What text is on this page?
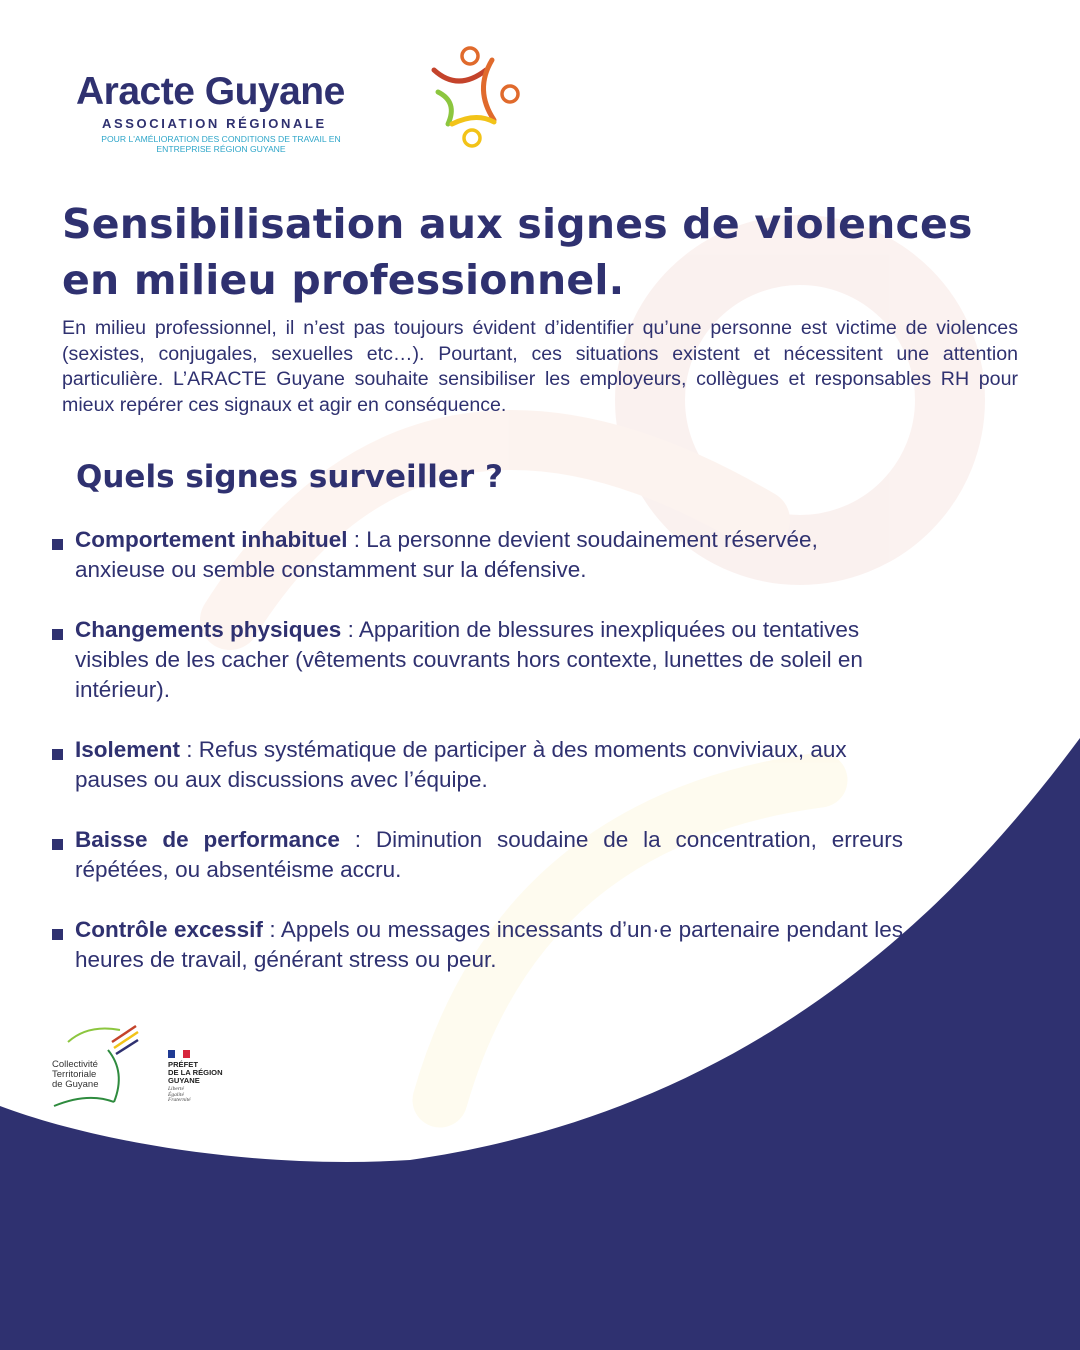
Aracte Guyane
ASSOCIATION RÉGIONALE
POUR L'AMÉLIORATION DES CONDITIONS DE TRAVAIL EN ENTREPRISE RÉGION GUYANE
Sensibilisation aux signes de violences en milieu professionnel.

En milieu professionnel, il n’est pas toujours évident d’identifier qu’une personne est victime de violences (sexistes, conjugales, sexuelles etc…). Pourtant, ces situations existent et nécessitent une attention particulière. L’ARACTE Guyane souhaite sensibiliser les employeurs, collègues et responsables RH pour mieux repérer ces signaux et agir en conséquence.

Quels signes surveiller ?

Comportement inhabituel : La personne devient soudainement réservée, anxieuse ou semble constamment sur la défensive.

Changements physiques : Apparition de blessures inexpliquées ou tentatives visibles de les cacher (vêtements couvrants hors contexte, lunettes de soleil en intérieur).

Isolement : Refus systématique de participer à des moments conviviaux, aux pauses ou aux discussions avec l’équipe.

Baisse de performance : Diminution soudaine de la concentration, erreurs répétées, ou absentéisme accru.

Contrôle excessif : Appels ou messages incessants d’un·e partenaire pendant les heures de travail, générant stress ou peur.

Collectivité
Territoriale
de Guyane
PRÉFET
DE LA RÉGION
GUYANE
Liberté
Égalité
Fraternité
